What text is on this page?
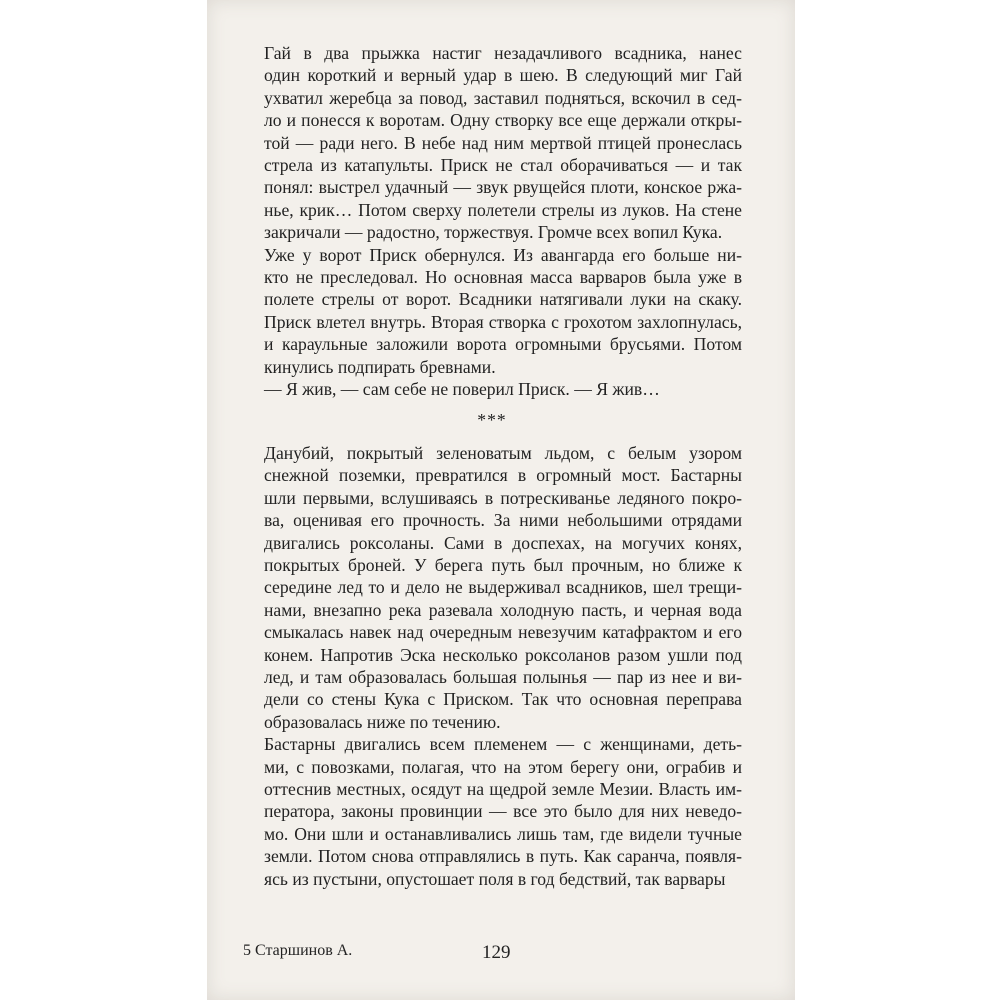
Гай в два прыжка настиг незадачливого всадника, нанес
один короткий и верный удар в шею. В следующий миг Гай
ухватил жеребца за повод, заставил подняться, вскочил в сед-
ло и понесся к воротам. Одну створку все еще держали откры-
той — ради него. В небе над ним мертвой птицей пронеслась
стрела из катапульты. Приск не стал оборачиваться — и так
понял: выстрел удачный — звук рвущейся плоти, конское ржа-
нье, крик… Потом сверху полетели стрелы из луков. На стене
закричали — радостно, торжествуя. Громче всех вопил Кука.
Уже у ворот Приск обернулся. Из авангарда его больше ни-
кто не преследовал. Но основная масса варваров была уже в
полете стрелы от ворот. Всадники натягивали луки на скаку.
Приск влетел внутрь. Вторая створка с грохотом захлопнулась,
и караульные заложили ворота огромными брусьями. Потом
кинулись подпирать бревнами.
— Я жив, — сам себе не поверил Приск. — Я жив…
***
Данубий, покрытый зеленоватым льдом, с белым узором
снежной поземки, превратился в огромный мост. Бастарны
шли первыми, вслушиваясь в потрескиванье ледяного покро-
ва, оценивая его прочность. За ними небольшими отрядами
двигались роксоланы. Сами в доспехах, на могучих конях,
покрытых броней. У берега путь был прочным, но ближе к
середине лед то и дело не выдерживал всадников, шел трещи-
нами, внезапно река разевала холодную пасть, и черная вода
смыкалась навек над очередным невезучим катафрактом и его
конем. Напротив Эска несколько роксоланов разом ушли под
лед, и там образовалась большая полынья — пар из нее и ви-
дели со стены Кука с Приском. Так что основная переправа
образовалась ниже по течению.
Бастарны двигались всем племенем — с женщинами, деть-
ми, с повозками, полагая, что на этом берегу они, ограбив и
оттеснив местных, осядут на щедрой земле Мезии. Власть им-
ператора, законы провинции — все это было для них неведо-
мо. Они шли и останавливались лишь там, где видели тучные
земли. Потом снова отправлялись в путь. Как саранча, появля-
ясь из пустыни, опустошает поля в год бедствий, так варвары
5 Старшинов А.	129
